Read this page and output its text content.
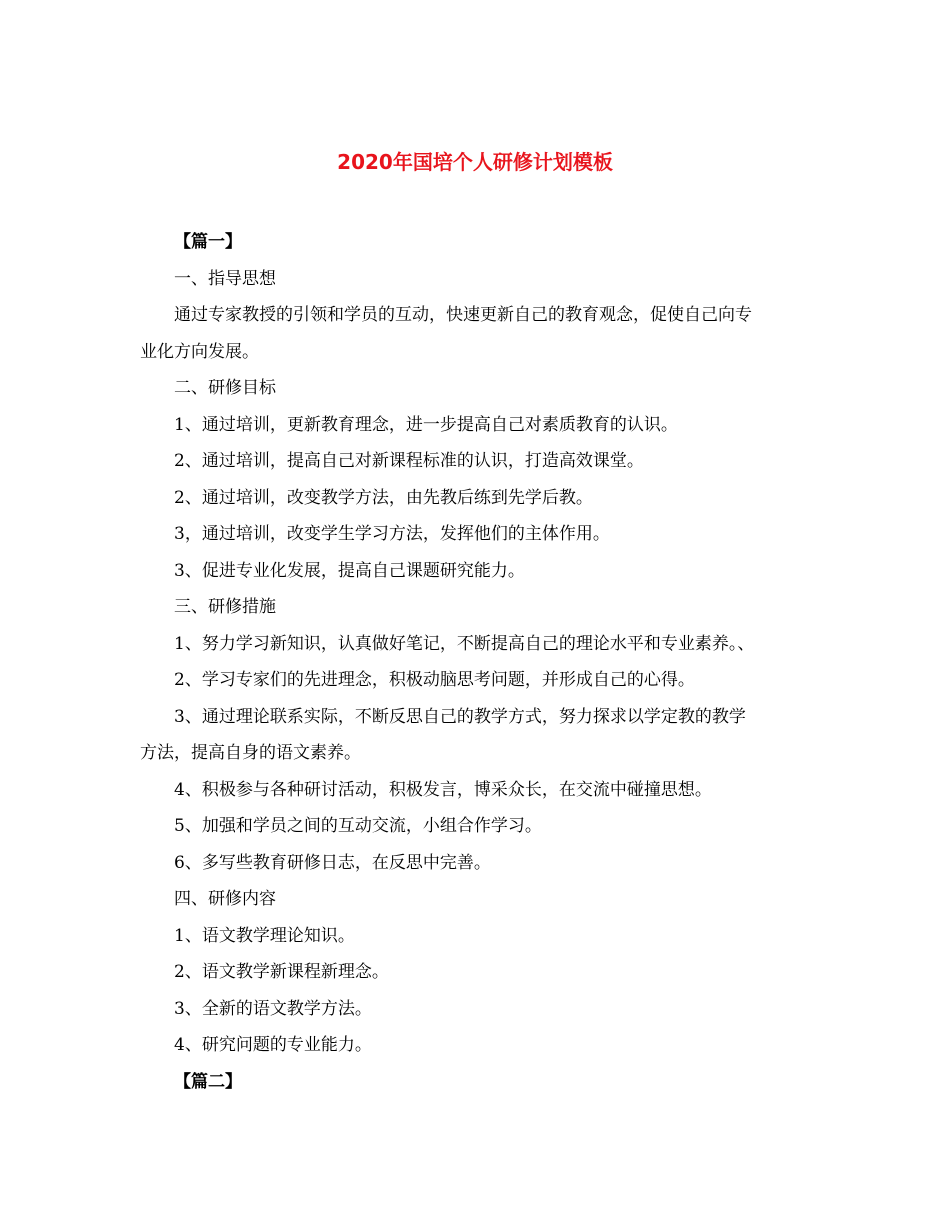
2020年国培个人研修计划模板
【篇一】
一、指导思想
通过专家教授的引领和学员的互动，快速更新自己的教育观念，促使自己向专
业化方向发展。
二、研修目标
1、通过培训，更新教育理念，进一步提高自己对素质教育的认识。
2、通过培训，提高自己对新课程标准的认识，打造高效课堂。
2、通过培训，改变教学方法，由先教后练到先学后教。
3，通过培训，改变学生学习方法，发挥他们的主体作用。
3、促进专业化发展，提高自己课题研究能力。
三、研修措施
1、努力学习新知识，认真做好笔记，不断提高自己的理论水平和专业素养。、
2、学习专家们的先进理念，积极动脑思考问题，并形成自己的心得。
3、通过理论联系实际，不断反思自己的教学方式，努力探求以学定教的教学
方法，提高自身的语文素养。
4、积极参与各种研讨活动，积极发言，博采众长，在交流中碰撞思想。
5、加强和学员之间的互动交流，小组合作学习。
6、多写些教育研修日志，在反思中完善。
四、研修内容
1、语文教学理论知识。
2、语文教学新课程新理念。
3、全新的语文教学方法。
4、研究问题的专业能力。
【篇二】
